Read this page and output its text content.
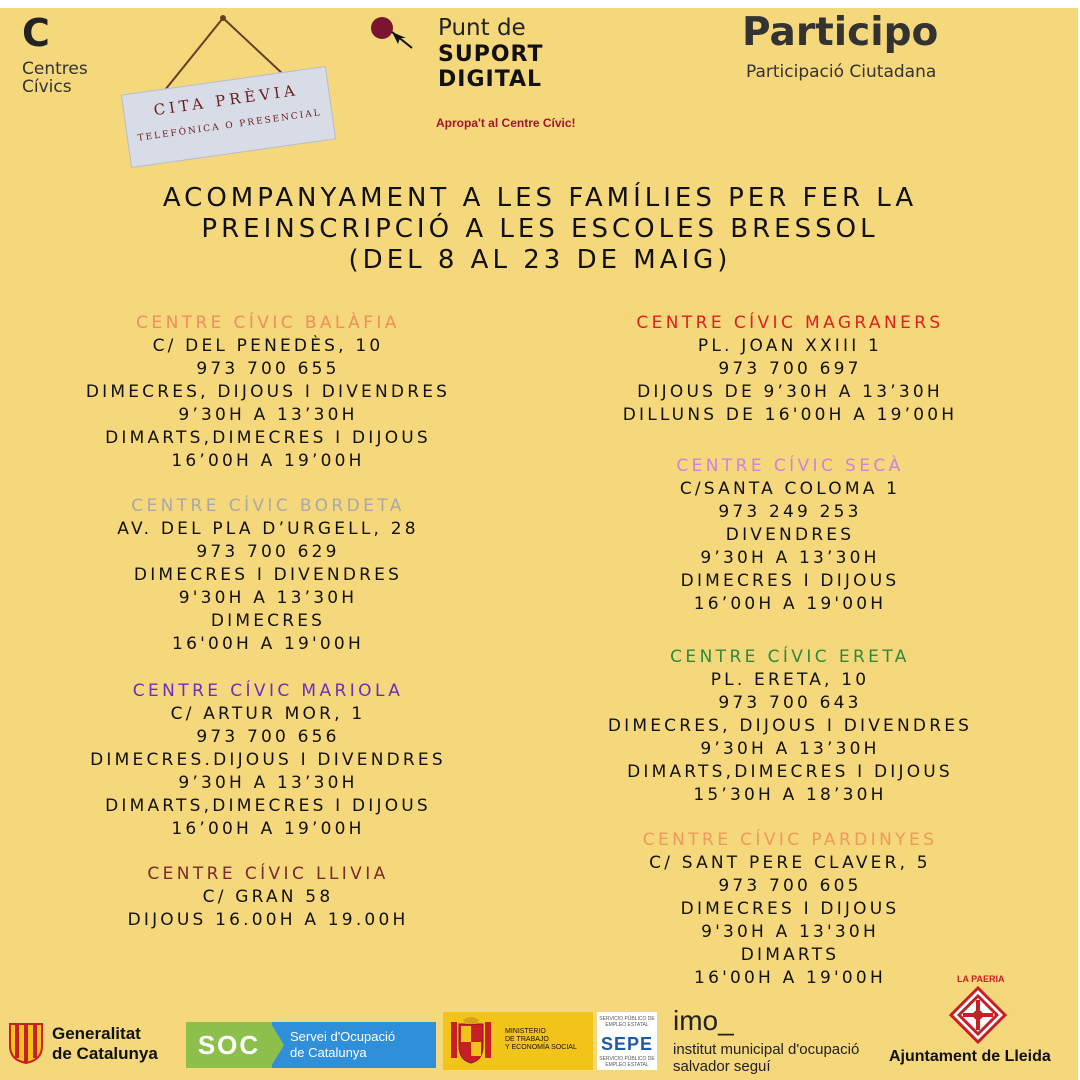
C
Centres
Cívics	CITA PRÈVIA
TELEFÒNICA O PRESENCIAL
Punt de
SUPORT
DIGITAL
Apropa't al Centre Cívic!
Participo
Participació Ciutadana
ACOMPANYAMENT A LES FAMÍLIES PER FER LA
PREINSCRIPCIÓ A LES ESCOLES BRESSOL
(DEL 8 AL 23 DE MAIG)
CENTRE CÍVIC BALÀFIA
C/ DEL PENEDÈS, 10
973 700 655
DIMECRES, DIJOUS I DIVENDRES
9’30H A 13’30H
DIMARTS,DIMECRES I DIJOUS
16’00H A 19’00H
CENTRE CÍVIC BORDETA
AV. DEL PLA D’URGELL, 28
973 700 629
DIMECRES I DIVENDRES
9'30H A 13’30H
DIMECRES
16'00H A 19'00H
CENTRE CÍVIC MARIOLA
C/ ARTUR MOR, 1
973 700 656
DIMECRES.DIJOUS I DIVENDRES
9’30H A 13’30H
DIMARTS,DIMECRES I DIJOUS
16’00H A 19’00H
CENTRE CÍVIC LLIVIA
C/ GRAN 58
DIJOUS 16.00H A 19.00H
CENTRE CÍVIC MAGRANERS
PL. JOAN XXIII 1
973 700 697
DIJOUS DE 9’30H A 13’30H
DILLUNS DE 16'00H A 19’00H
CENTRE CÍVIC SECÀ
C/SANTA COLOMA 1
973 249 253
DIVENDRES
9’30H A 13’30H
DIMECRES I DIJOUS
16’00H A 19'00H
CENTRE CÍVIC ERETA
PL. ERETA, 10
973 700 643
DIMECRES, DIJOUS I DIVENDRES
9’30H A 13’30H
DIMARTS,DIMECRES I DIJOUS
15’30H A 18’30H
CENTRE CÍVIC PARDINYES
C/ SANT PERE CLAVER, 5
973 700 605
DIMECRES I DIJOUS
9'30H A 13'30H
DIMARTS
16'00H A 19'00H
Generalitat
de Catalunya	SOC	Servei d'Ocupació
de Catalunya
MINISTERIO
DE TRABAJO
Y ECONOMÍA SOCIAL
SERVICIO PÚBLICO DE EMPLEO ESTATAL
SEPE
SERVICIO PÚBLICO DE EMPLEO ESTATAL
imo_
institut municipal d'ocupació
salvador seguí
LA PAERIA
Ajuntament de Lleida
